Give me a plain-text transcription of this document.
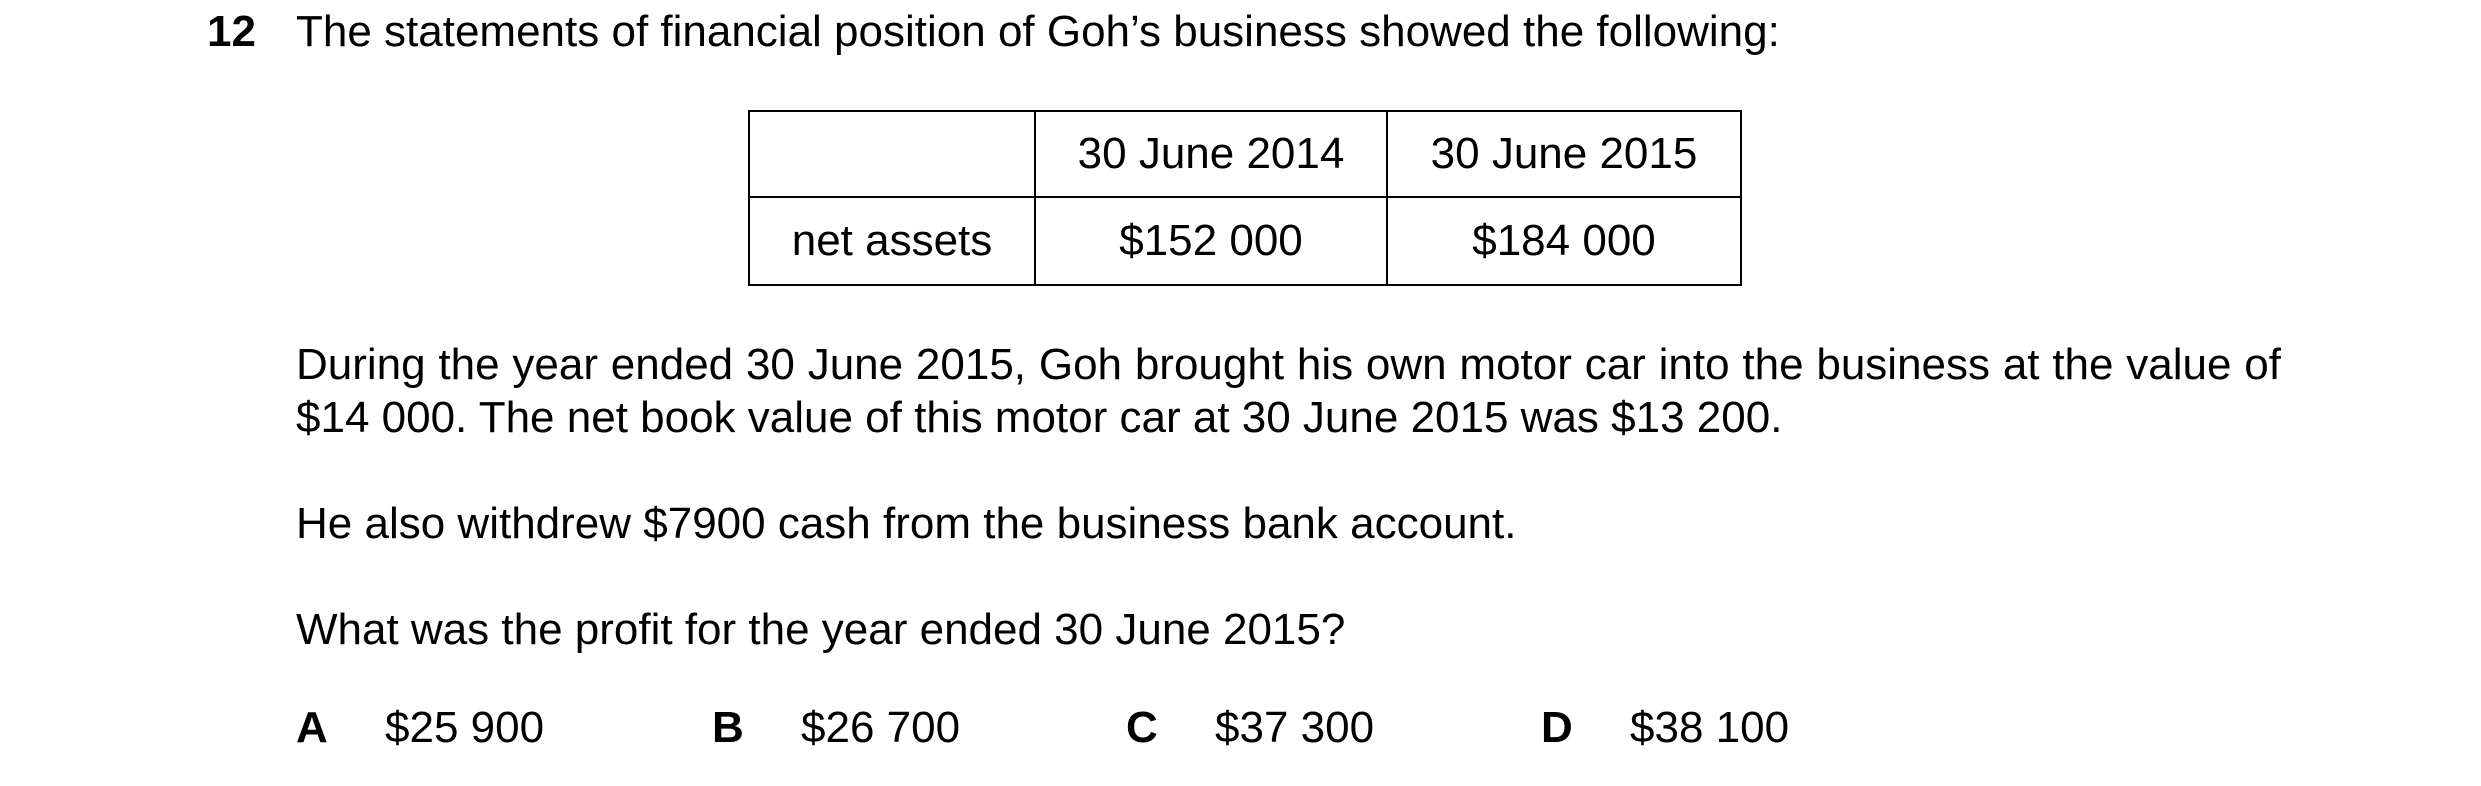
12 The statements of financial position of Goh’s business showed the following:
	30 June 2014	30 June 2015
net assets	$152 000	$184 000
During the year ended 30 June 2015, Goh brought his own motor car into the business at the value of $14 000. The net book value of this motor car at 30 June 2015 was $13 200.
He also withdrew $7900 cash from the business bank account.
What was the profit for the year ended 30 June 2015?
A $25 900	B $26 700	C $37 300	D $38 100
